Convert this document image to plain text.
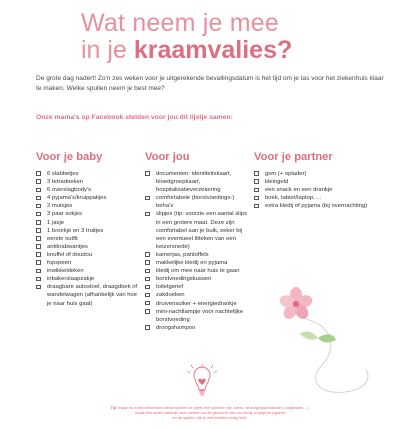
Wat neem je mee
in je kraamvalies?
De grote dag nadert! Zo'n zes weken voor je uitgerekende bevallingsdatum is het tijd om je tas voor het ziekenhuis klaar te maken. Welke spullen neem je best mee?
Onze mama's op Facebook stelden voor jou dit lijstje samen:
Voor je baby
6 slabbetjes
3 tetradoeken
6 overslagbody's
4 pyjama's/kruippakjes
2 mutsjes
3 paar sokjes
1 jasje
1 broekje en 3 truitjes
eerste outfit
antikrabwantjes
knuffel of doudou
fopspeen
inwikkeldeken
inbakerslaapzakje
draagbare autostoel, draagdoek of wandelwagen (afhankelijk van hoe je naar huis gaat)
Voor jou
documenten: identiteitskaart, bloedgroepkaart, hospitalisatieverzekering
comfortabele (borstvoedings-) beha's
slipjes (tip: voorzie een aantal slips in een grotere maat. Deze zijn comfortabel aan je buik, zeker bij een eventueel litteken van een keizersnede)
kamerjas, pantoffels
makkelijke kledij en pyjama
kledij om mee naar huis te gaan
borstvoedingskussen
toiletgerief
zakdoeken
druivensuiker + energiedrankje
mini-nachtlampje voor nachtelijke borstvoeding
droogshampoo
Voor je partner
gsm (+ oplader)
kleingeld
een snack en een drankje
boek, tablet/laptop, ...
extra kledij of pyjama (bij overnachting)
Tip Vraag na in het ziekenhuis welke spullen ze (niet) zelf voorzien (bv. luiers, verzorgingsproducten, zuigflesjes,...).
Maak een apart pakketje voor meteen na de geboorte met een body, mutsje en pyjama
en de spullen die je zelf meteen nodig hebt.
